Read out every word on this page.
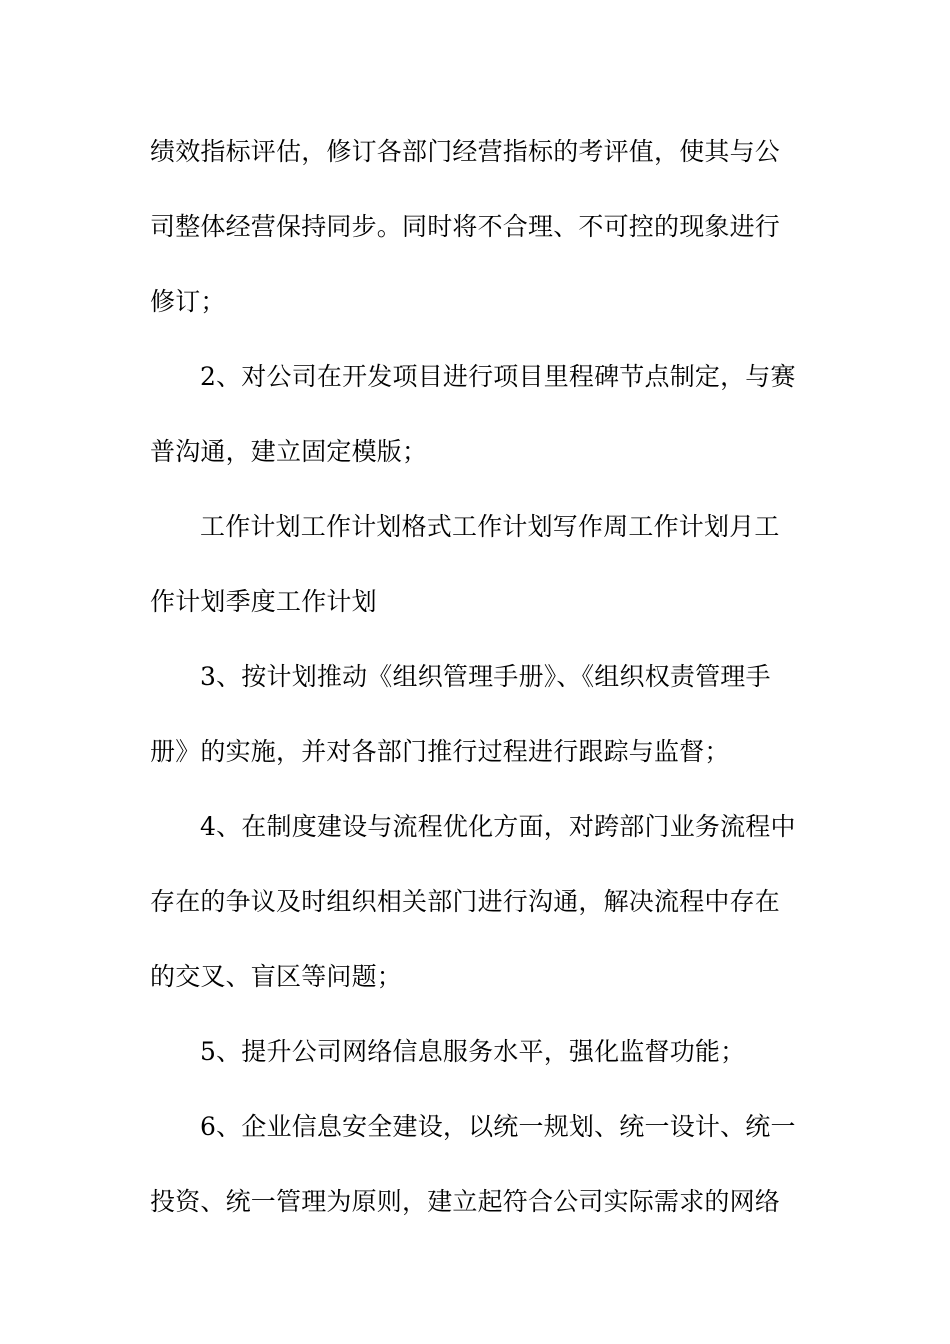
绩效指标评估，修订各部门经营指标的考评值，使其与公
司整体经营保持同步。同时将不合理、不可控的现象进行
修订；
2、对公司在开发项目进行项目里程碑节点制定，与赛
普沟通，建立固定模版；
工作计划工作计划格式工作计划写作周工作计划月工
作计划季度工作计划
3、按计划推动《组织管理手册》、《组织权责管理手
册》的实施，并对各部门推行过程进行跟踪与监督；
4、在制度建设与流程优化方面，对跨部门业务流程中
存在的争议及时组织相关部门进行沟通，解决流程中存在
的交叉、盲区等问题；
5、提升公司网络信息服务水平，强化监督功能；
6、企业信息安全建设，以统一规划、统一设计、统一
投资、统一管理为原则，建立起符合公司实际需求的网络
